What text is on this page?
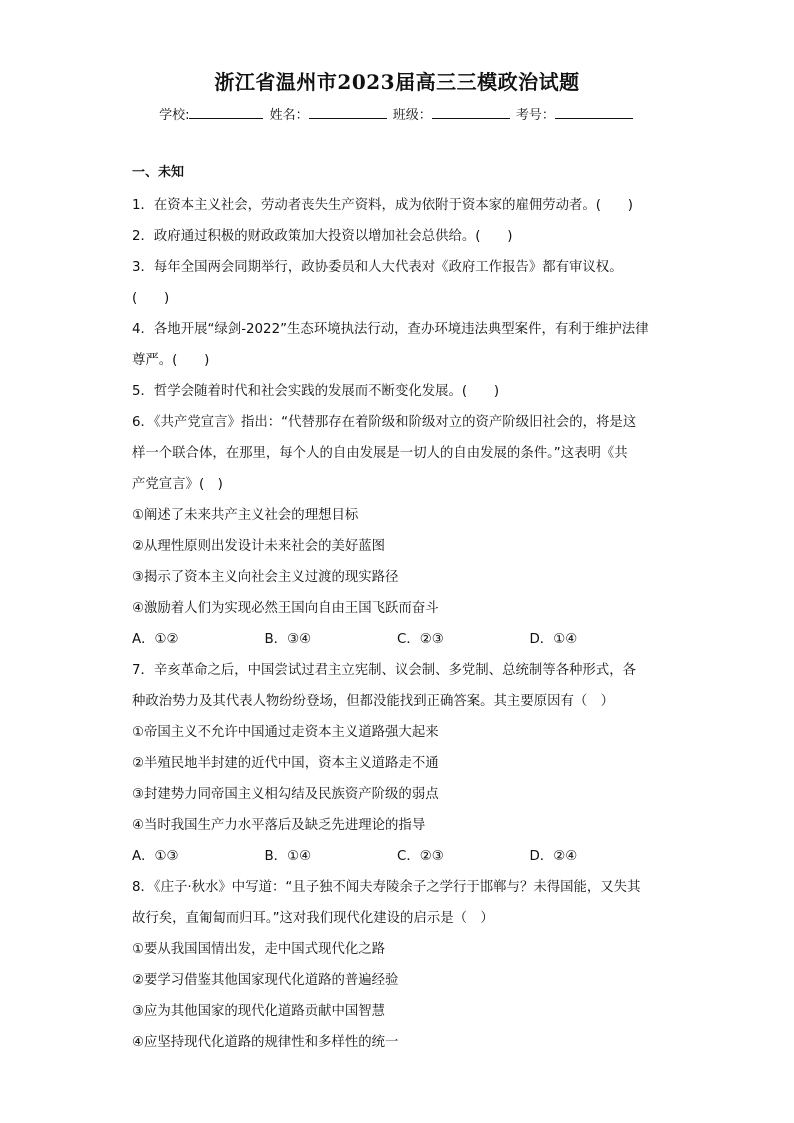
浙江省温州市2023届高三三模政治试题
学校:	姓名：	班级：	考号：
一、未知
1．在资本主义社会，劳动者丧失生产资料，成为依附于资本家的雇佣劳动者。(　　)
2．政府通过积极的财政政策加大投资以增加社会总供给。(　　)
3．每年全国两会同期举行，政协委员和人大代表对《政府工作报告》都有审议权。
(　　)
4．各地开展“绿剑-2022”生态环境执法行动，查办环境违法典型案件，有利于维护法律
尊严。(　　)
5．哲学会随着时代和社会实践的发展而不断变化发展。(　　)
6．《共产党宣言》指出：“代替那存在着阶级和阶级对立的资产阶级旧社会的，将是这
样一个联合体，在那里，每个人的自由发展是一切人的自由发展的条件。”这表明《共
产党宣言》(　)
①阐述了未来共产主义社会的理想目标
②从理性原则出发设计未来社会的美好蓝图
③揭示了资本主义向社会主义过渡的现实路径
④激励着人们为实现必然王国向自由王国飞跃而奋斗
A．①②	B．③④	C．②③	D．①④
7．辛亥革命之后，中国尝试过君主立宪制、议会制、多党制、总统制等各种形式，各
种政治势力及其代表人物纷纷登场，但都没能找到正确答案。其主要原因有（　）
①帝国主义不允许中国通过走资本主义道路强大起来
②半殖民地半封建的近代中国，资本主义道路走不通
③封建势力同帝国主义相勾结及民族资产阶级的弱点
④当时我国生产力水平落后及缺乏先进理论的指导
A．①③	B．①④	C．②③	D．②④
8．《庄子·秋水》中写道：“且子独不闻夫寿陵余子之学行于邯郸与？未得国能，又失其
故行矣，直匍匐而归耳。”这对我们现代化建设的启示是（　）
①要从我国国情出发，走中国式现代化之路
②要学习借鉴其他国家现代化道路的普遍经验
③应为其他国家的现代化道路贡献中国智慧
④应坚持现代化道路的规律性和多样性的统一
